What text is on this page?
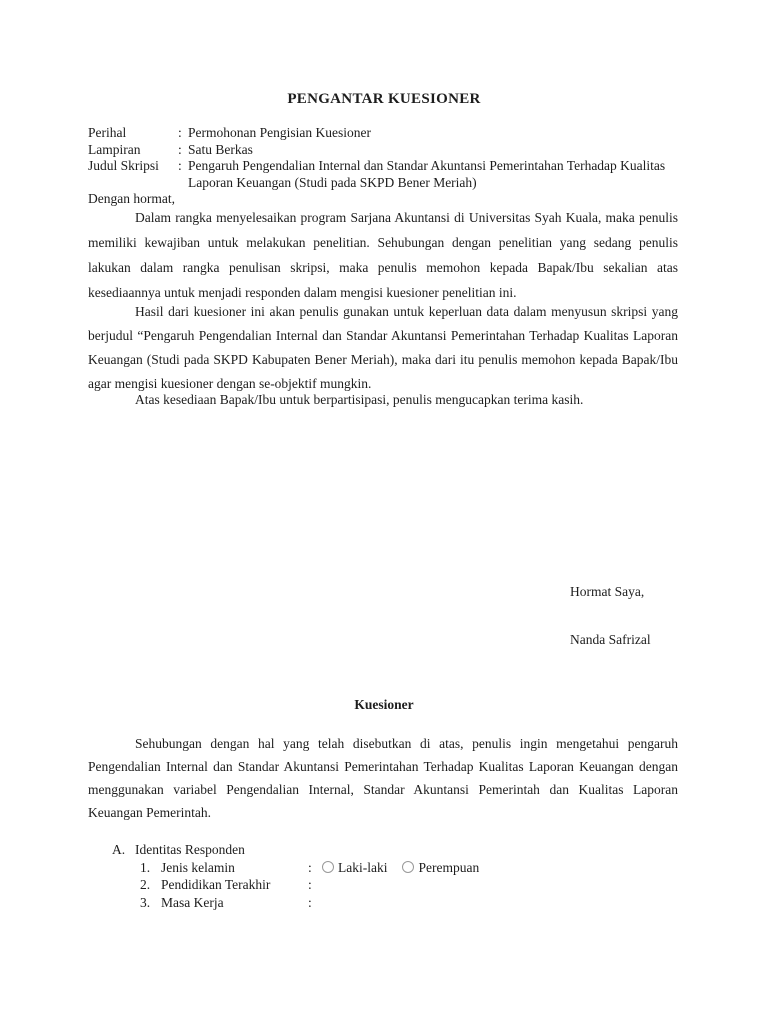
PENGANTAR KUESIONER
Perihal	: Permohonan Pengisian Kuesioner
Lampiran	: Satu Berkas
Judul Skripsi	: Pengaruh Pengendalian Internal dan Standar Akuntansi Pemerintahan Terhadap Kualitas Laporan Keuangan (Studi pada SKPD Bener Meriah)
Dengan hormat,

Dalam rangka menyelesaikan program Sarjana Akuntansi di Universitas Syah Kuala, maka penulis memiliki kewajiban untuk melakukan penelitian. Sehubungan dengan penelitian yang sedang penulis lakukan dalam rangka penulisan skripsi, maka penulis memohon kepada Bapak/Ibu sekalian atas kesediaannya untuk menjadi responden dalam mengisi kuesioner penelitian ini.

Hasil dari kuesioner ini akan penulis gunakan untuk keperluan data dalam menyusun skripsi yang berjudul “Pengaruh Pengendalian Internal dan Standar Akuntansi Pemerintahan Terhadap Kualitas Laporan Keuangan (Studi pada SKPD Kabupaten Bener Meriah), maka dari itu penulis memohon kepada Bapak/Ibu agar mengisi kuesioner dengan se-objektif mungkin.

Atas kesediaan Bapak/Ibu untuk berpartisipasi, penulis mengucapkan terima kasih.

Hormat Saya,
Nanda Safrizal
Kuesioner

Sehubungan dengan hal yang telah disebutkan di atas, penulis ingin mengetahui pengaruh Pengendalian Internal dan Standar Akuntansi Pemerintahan Terhadap Kualitas Laporan Keuangan dengan menggunakan variabel Pengendalian Internal, Standar Akuntansi Pemerintah dan Kualitas Laporan Keuangan Pemerintah.

A. Identitas Responden
1. Jenis kelamin	:	Laki-laki Perempuan
2. Pendidikan Terakhir	:
3. Masa Kerja	:
